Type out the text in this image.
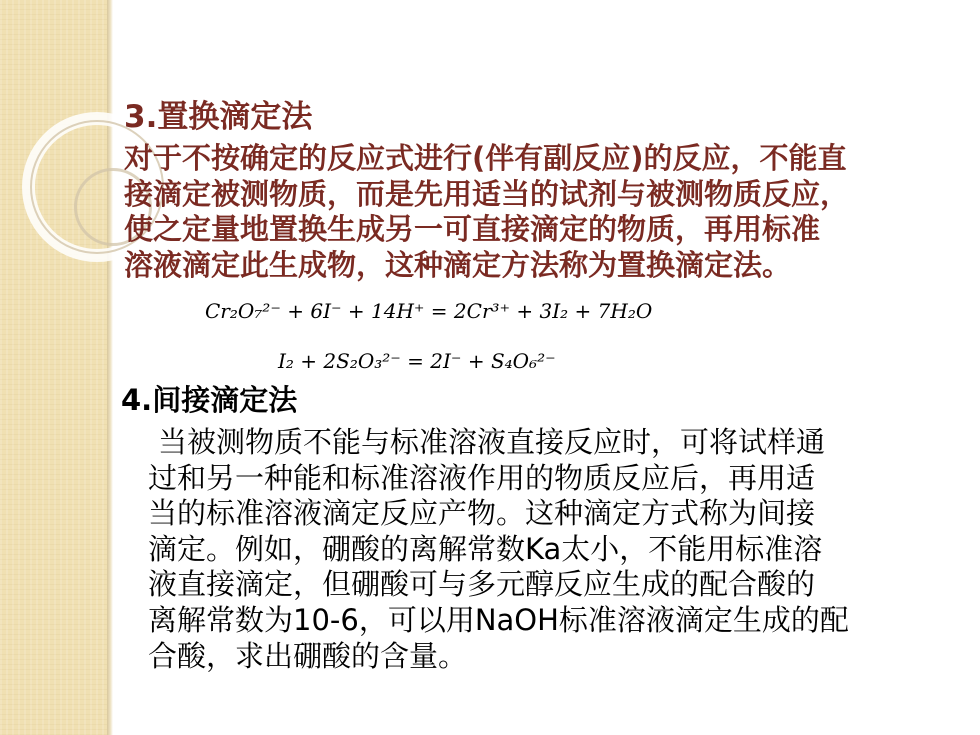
3.置换滴定法
对于不按确定的反应式进行(伴有副反应)的反应，不能直
接滴定被测物质，而是先用适当的试剂与被测物质反应，
使之定量地置换生成另一可直接滴定的物质，再用标准
溶液滴定此生成物，这种滴定方法称为置换滴定法。
Cr₂O₇²⁻ + 6I⁻ + 14H⁺ = 2Cr³⁺ + 3I₂ + 7H₂O
I₂ + 2S₂O₃²⁻ = 2I⁻ + S₄O₆²⁻
4.间接滴定法
当被测物质不能与标准溶液直接反应时，可将试样通
过和另一种能和标准溶液作用的物质反应后，再用适
当的标准溶液滴定反应产物。这种滴定方式称为间接
滴定。例如，硼酸的离解常数Ka太小，不能用标准溶
液直接滴定，但硼酸可与多元醇反应生成的配合酸的
离解常数为10-6，可以用NaOH标准溶液滴定生成的配
合酸，求出硼酸的含量。
